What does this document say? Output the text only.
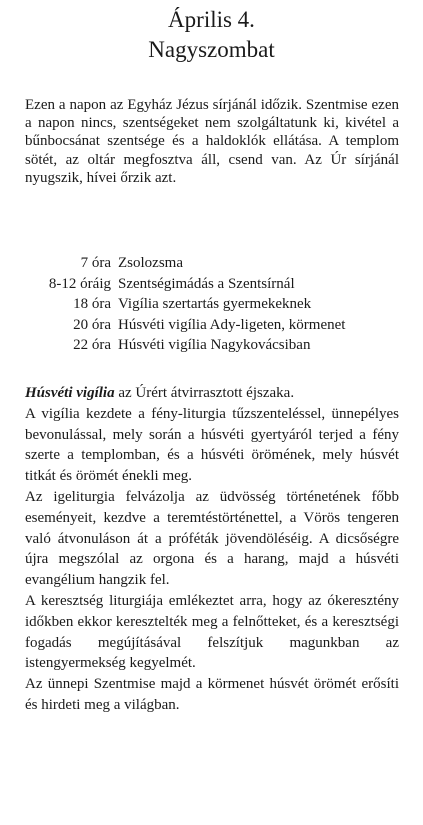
Április 4.
Nagyszombat
Ezen a napon az Egyház Jézus sírjánál időzik. Szentmise ezen a napon nincs, szentségeket nem szolgáltatunk ki, kivétel a bűnbocsánat szentsége és a haldoklók ellátása. A templom sötét, az oltár megfosztva áll, csend van. Az Úr sírjánál nyugszik, hívei őrzik azt.
7 óra Zsolozsma
8-12 óráig Szentségimádás a Szentsírnál
18 óra Vigília szertartás gyermekeknek
20 óra Húsvéti vigília Ady-ligeten, körmenet
22 óra Húsvéti vigília Nagykovácsiban

Húsvéti vigília az Úrért átvirrasztott éjszaka.

A vigília kezdete a fény-liturgia tűzszenteléssel, ünnepélyes bevonulással, mely során a húsvéti gyertyáról terjed a fény szerte a templomban, és a húsvéti örömének, mely húsvét titkát és örömét énekli meg.

Az igeliturgia felvázolja az üdvösség történetének főbb eseményeit, kezdve a teremtéstörténettel, a Vörös tengeren való átvonuláson át a próféták jövendöléséig. A dicsőségre újra megszólal az orgona és a harang, majd a húsvéti evangélium hangzik fel.

A keresztség liturgiája emlékeztet arra, hogy az ókeresztény időkben ekkor keresztelték meg a felnőtteket, és a keresztségi fogadás megújításával felszítjuk magunkban az istengyermekség kegyelmét.

Az ünnepi Szentmise majd a körmenet húsvét örömét erősíti és hirdeti meg a világban.
